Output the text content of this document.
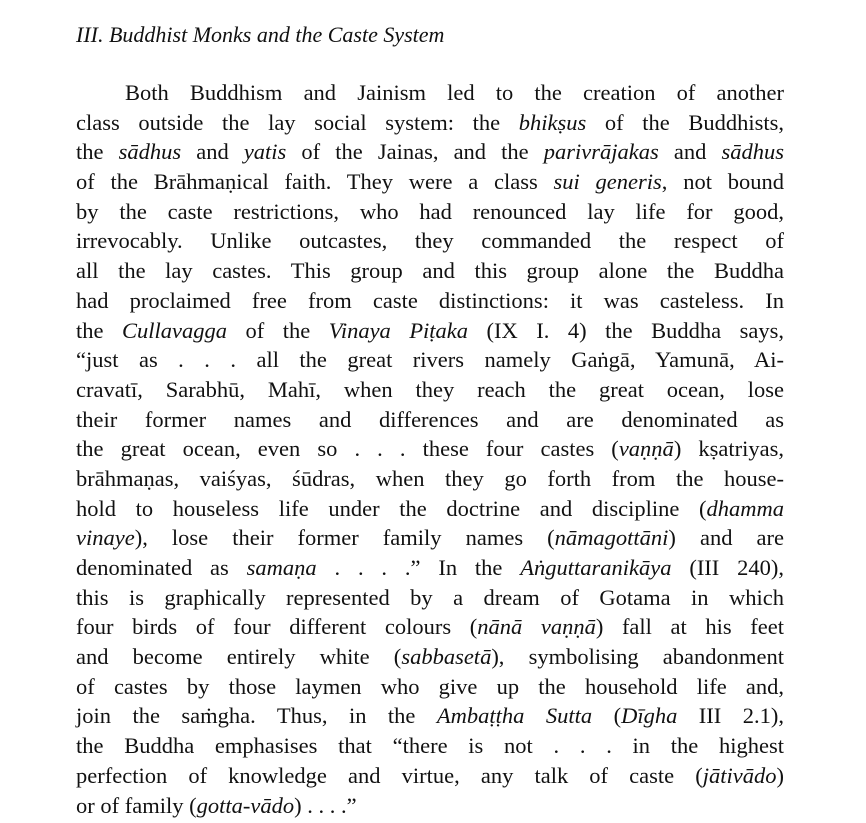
III. Buddhist Monks and the Caste System
Both Buddhism and Jainism led to the creation of another
class outside the lay social system: the bhikṣus of the Buddhists,
the sādhus and yatis of the Jainas, and the parivrājakas and sādhus
of the Brāhmaṇical faith. They were a class sui generis, not bound
by the caste restrictions, who had renounced lay life for good,
irrevocably. Unlike outcastes, they commanded the respect of
all the lay castes. This group and this group alone the Buddha
had proclaimed free from caste distinctions: it was casteless. In
the Cullavagga of the Vinaya Piṭaka (IX I. 4) the Buddha says,
“just as . . . all the great rivers namely Gaṅgā, Yamunā, Ai-
cravatī, Sarabhū, Mahī, when they reach the great ocean, lose
their former names and differences and are denominated as
the great ocean, even so . . . these four castes (vaṇṇā) kṣatriyas,
brāhmaṇas, vaiśyas, śūdras, when they go forth from the house-
hold to houseless life under the doctrine and discipline (dhamma
vinaye), lose their former family names (nāmagottāni) and are
denominated as samaṇa . . . .” In the Aṅguttaranikāya (III 240),
this is graphically represented by a dream of Gotama in which
four birds of four different colours (nānā vaṇṇā) fall at his feet
and become entirely white (sabbasetā), symbolising abandonment
of castes by those laymen who give up the household life and,
join the saṁgha. Thus, in the Ambaṭṭha Sutta (Dīgha III 2.1),
the Buddha emphasises that “there is not . . . in the highest
perfection of knowledge and virtue, any talk of caste (jātivādo)
or of family (gotta-vādo) . . . .”
